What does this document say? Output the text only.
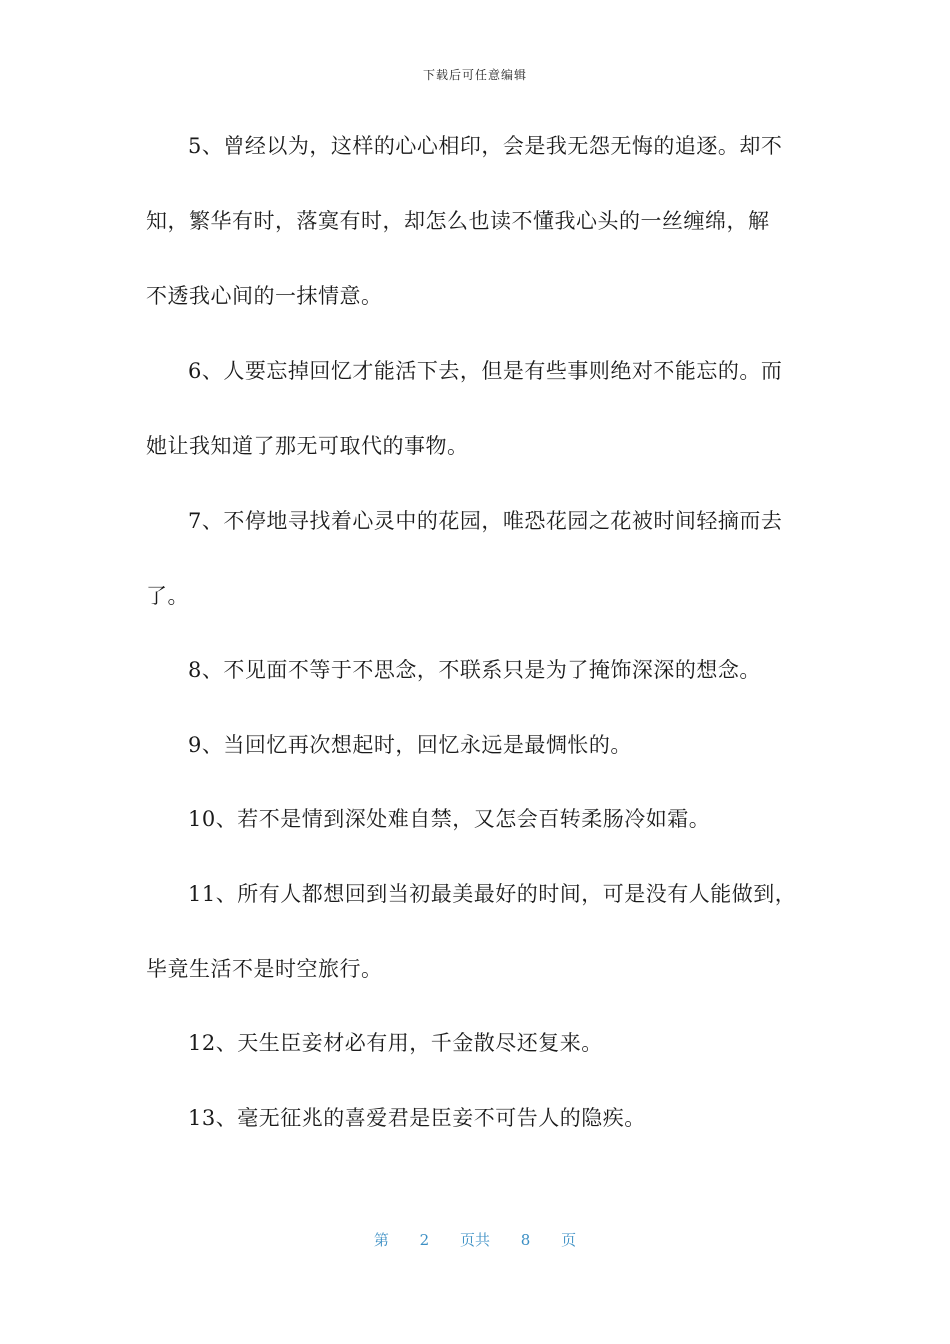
下载后可任意编辑
5、曾经以为，这样的心心相印，会是我无怨无悔的追逐。却不
知，繁华有时，落寞有时，却怎么也读不懂我心头的一丝缠绵，解
不透我心间的一抹情意。
6、人要忘掉回忆才能活下去，但是有些事则绝对不能忘的。而
她让我知道了那无可取代的事物。
7、不停地寻找着心灵中的花园，唯恐花园之花被时间轻摘而去
了。
8、不见面不等于不思念，不联系只是为了掩饰深深的想念。
9、当回忆再次想起时，回忆永远是最惆怅的。
10、若不是情到深处难自禁，又怎会百转柔肠冷如霜。
11、所有人都想回到当初最美最好的时间，可是没有人能做到，
毕竟生活不是时空旅行。
12、天生臣妾材必有用，千金散尽还复来。
13、毫无征兆的喜爱君是臣妾不可告人的隐疾。
第 2 页共 8 页
